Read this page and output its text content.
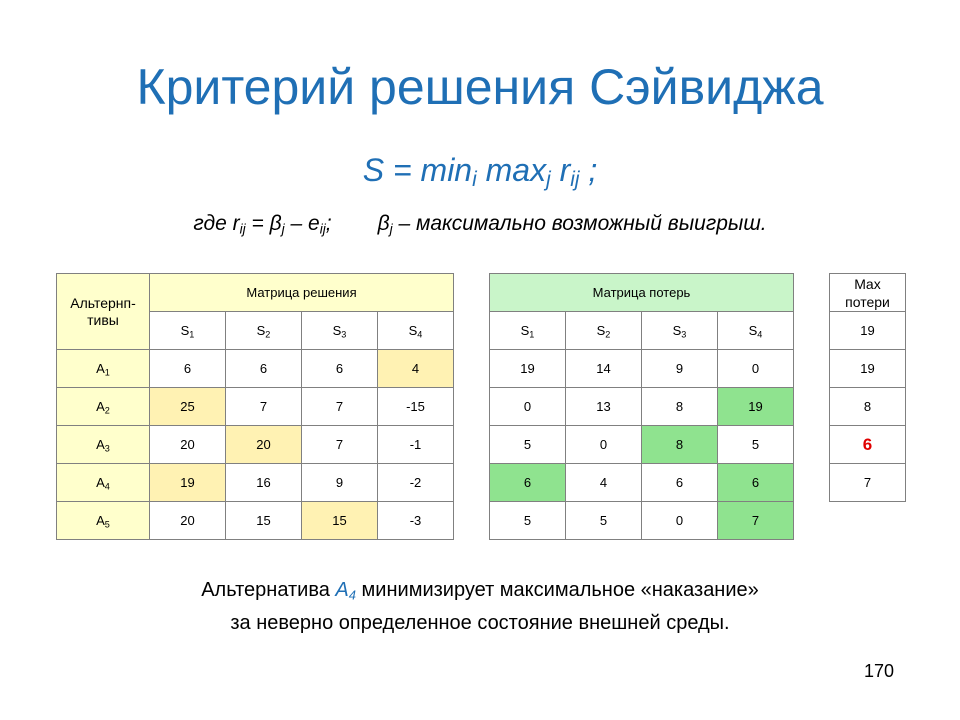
Критерий решения Сэйвиджа
$S = \min_i \max_j r_{ij}$ ;
где $r_{ij} = \beta_j - e_{ij}$; $\beta_j$ – максимально возможный выигрыш.
Альтернп-тивы	Матрица решения			
	$S_1$	$S_2$	$S_3$	$S_4$
$A_1$	6	6	6	4
$A_2$	25	7	7	-15
$A_3$	20	20	7	-1
$A_4$	19	16	9	-2
$A_5$	20	15	15	-3
Матрица потерь			
$S_1$	$S_2$	$S_3$	$S_4$
19	14	9	0
0	13	8	19
5	0	8	5
6	4	6	6
5	5	0	7
Max потери

19
19
8
6
7
Альтернатива $A_4$ минимизирует максимальное «наказание»
за неверно определенное состояние внешней среды.
170
